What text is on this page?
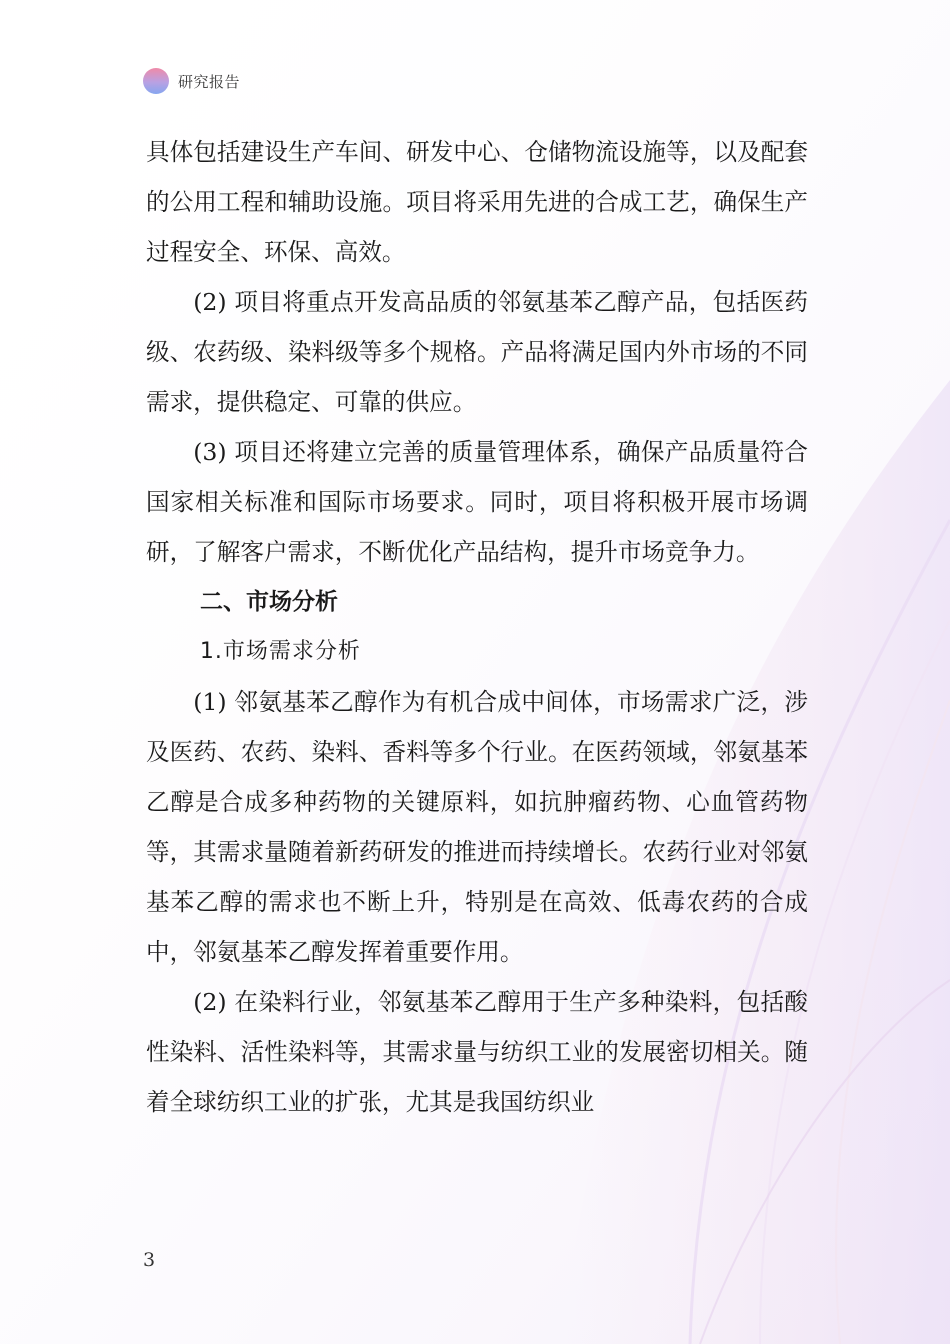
研究报告

具体包括建设生产车间、研发中心、仓储物流设施等，以及配套的公用工程和辅助设施。项目将采用先进的合成工艺，确保生产过程安全、环保、高效。

(2) 项目将重点开发高品质的邻氨基苯乙醇产品，包括医药级、农药级、染料级等多个规格。产品将满足国内外市场的不同需求，提供稳定、可靠的供应。

(3) 项目还将建立完善的质量管理体系，确保产品质量符合国家相关标准和国际市场要求。同时，项目将积极开展市场调研，了解客户需求，不断优化产品结构，提升市场竞争力。

二、市场分析

1.市场需求分析

(1) 邻氨基苯乙醇作为有机合成中间体，市场需求广泛，涉及医药、农药、染料、香料等多个行业。在医药领域，邻氨基苯乙醇是合成多种药物的关键原料，如抗肿瘤药物、心血管药物等，其需求量随着新药研发的推进而持续增长。农药行业对邻氨基苯乙醇的需求也不断上升，特别是在高效、低毒农药的合成中，邻氨基苯乙醇发挥着重要作用。

(2) 在染料行业，邻氨基苯乙醇用于生产多种染料，包括酸性染料、活性染料等，其需求量与纺织工业的发展密切相关。随着全球纺织工业的扩张，尤其是我国纺织业

3
